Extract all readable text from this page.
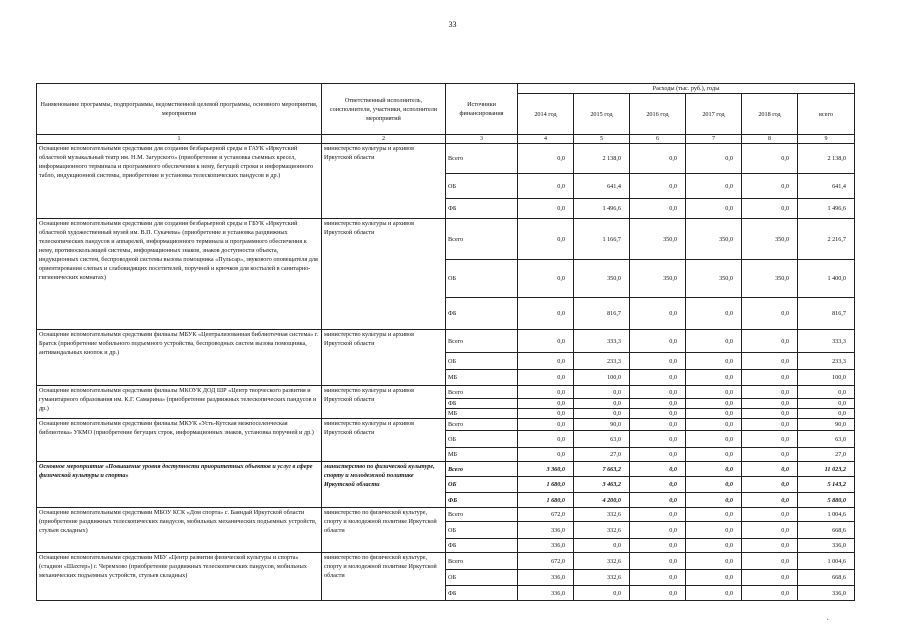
33
Наименование программы, подпрограммы, ведомственной целевой программы, основного мероприятия, мероприятия	Ответственный исполнитель, соисполнители, участники, исполнители мероприятий	Источники финансирования	Расходы (тыс. руб.), годы					
			2014 год	2015 год	2016 год	2017 год	2018 год	всего
1	2	3	4	5	6	7	8	9
Оснащение вспомогательными средствами для создания безбарьерной среды в ГАУК «Иркутский областной музыкальный театр им. Н.М. Загурского» (приобретение и установка съемных кресел, информационного терминала и программного обеспечения к нему, бегущей строки и информационного табло, индукционной системы, приобретение и установка телескопических пандусов и др.)	министерство культуры и архивов Иркутской области	Всего	0,0	2 138,0	0,0	0,0	0,0	2 138,0
		ОБ	0,0	641,4	0,0	0,0	0,0	641,4
		ФБ	0,0	1 496,6	0,0	0,0	0,0	1 496,6
Оснащение вспомогательными средствами для создания безбарьерной среды в ГБУК «Иркутский областной художественный музей им. В.П. Сукачева» (приобретение и установка раздвижных телескопических пандусов и аппарелей, информационного терминала и программного обеспечения к нему, противоскользящей системы, информационных знаков, знаков доступности объекта, индукционных систем, беспроводной системы вызова помощника «Пульсар», звукового оповещателя для ориентирования слепых и слабовидящих посетителей, поручней и крючков для костылей в санитарно-гигиенических комнатах)	министерство культуры и архивов Иркутской области	Всего	0,0	1 166,7	350,0	350,0	350,0	2 216,7
		ОБ	0,0	350,0	350,0	350,0	350,0	1 400,0
		ФБ	0,0	816,7	0,0	0,0	0,0	816,7
Оснащение вспомогательными средствами филиалы МБУК «Централизованная библиотечная система» г. Братск (приобретение мобильного подъемного устройства, беспроводных систем вызова помощника, антивандальных кнопок и др.)	министерство культуры и архивов Иркутской области	Всего	0,0	333,3	0,0	0,0	0,0	333,3
		ОБ	0,0	233,3	0,0	0,0	0,0	233,3
		МБ	0,0	100,0	0,0	0,0	0,0	100,0
Оснащение вспомогательными средствами филиалы МКОУК ДОД ШР «Центр творческого развития и гуманитарного образования им. К.Г. Самарина» (приобретение раздвижных телескопических пандусов и др.)	министерство культуры и архивов Иркутской области	Всего	0,0	0,0	0,0	0,0	0,0	0,0
		ФБ	0,0	0,0	0,0	0,0	0,0	0,0
		МБ	0,0	0,0	0,0	0,0	0,0	0,0
Оснащение вспомогательными средствами филиалы МКУК «Усть-Кутская межпоселенческая библиотека» УКМО (приобретение бегущих строк, информационных знаков, установка поручней и др.)	министерство культуры и архивов Иркутской области	Всего	0,0	90,0	0,0	0,0	0,0	90,0
		ОБ	0,0	63,0	0,0	0,0	0,0	63,0
		МБ	0,0	27,0	0,0	0,0	0,0	27,0
Основное мероприятие «Повышение уровня доступности приоритетных объектов и услуг в сфере физической культуры и спорта»	министерство по физической культуре, спорту и молодежной политике Иркутской области	Всего	3 360,0	7 663,2	0,0	0,0	0,0	11 023,2
		ОБ	1 680,0	3 463,2	0,0	0,0	0,0	5 143,2
		ФБ	1 680,0	4 200,0	0,0	0,0	0,0	5 880,0
Оснащение вспомогательными средствами МБОУ КСК «Дом спорта» с. Баяндай Иркутской области (приобретение раздвижных телескопических пандусов, мобильных механических подъемных устройств, стульев складных)	министерство по физической культуре, спорту и молодежной политике Иркутской области	Всего	672,0	332,6	0,0	0,0	0,0	1 004,6
		ОБ	336,0	332,6	0,0	0,0	0,0	668,6
		ФБ	336,0	0,0	0,0	0,0	0,0	336,0
Оснащение вспомогательными средствами МБУ «Центр развития физической культуры и спорта» (стадион «Шахтер») г. Черемхово (приобретение раздвижных телескопических пандусов, мобильных механических подъемных устройств, стульев складных)	министерство по физической культуре, спорту и молодежной политике Иркутской области	Всего	672,0	332,6	0,0	0,0	0,0	1 004,6
		ОБ	336,0	332,6	0,0	0,0	0,0	668,6
		ФБ	336,0	0,0	0,0	0,0	0,0	336,0
·
